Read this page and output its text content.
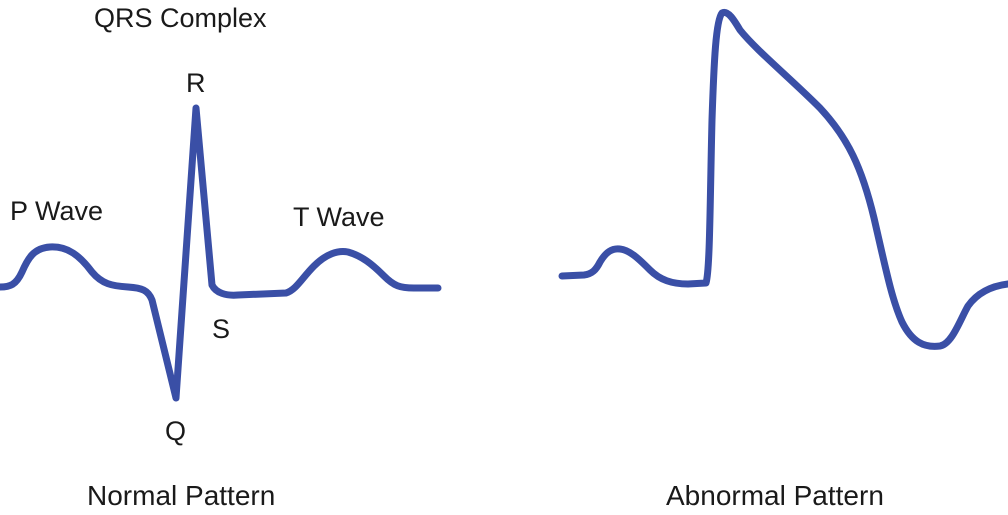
QRS Complex
R
P Wave	T Wave
S
Q
Normal Pattern	Abnormal Pattern
